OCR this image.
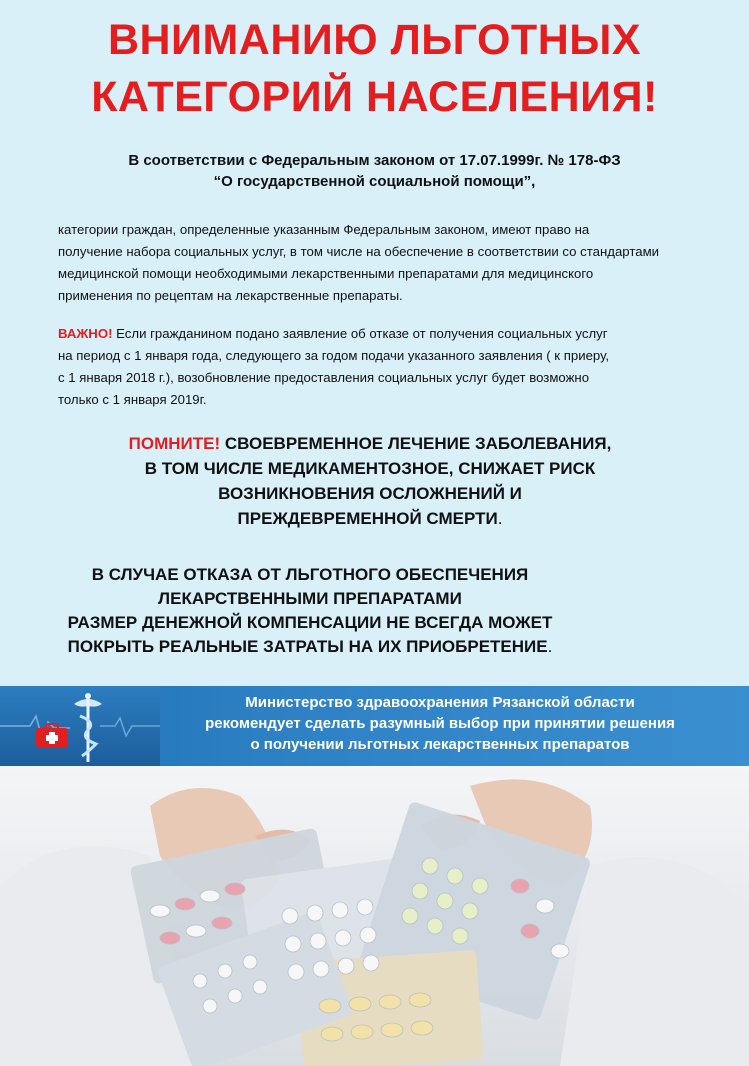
ВНИМАНИЮ ЛЬГОТНЫХ
КАТЕГОРИЙ НАСЕЛЕНИЯ!
В соответствии с Федеральным законом от 17.07.1999г. № 178-ФЗ
“О государственной социальной помощи”,
категории граждан, определенные указанным Федеральным законом, имеют право на
получение набора социальных услуг, в том числе на обеспечение в соответствии со стандартами
медицинской помощи необходимыми лекарственными препаратами для медицинского
применения по рецептам на лекарственные препараты.
ВАЖНО! Если гражданином подано заявление об отказе от получения социальных услуг
на период с 1 января года, следующего за годом подачи указанного заявления ( к приеру,
с 1 января 2018 г.), возобновление предоставления социальных услуг будет возможно
только с 1 января 2019г.
ПОМНИТЕ! СВОЕВРЕМЕННОЕ ЛЕЧЕНИЕ ЗАБОЛЕВАНИЯ,
В ТОМ ЧИСЛЕ МЕДИКАМЕНТОЗНОЕ, СНИЖАЕТ РИСК
ВОЗНИКНОВЕНИЯ ОСЛОЖНЕНИЙ И
ПРЕЖДЕВРЕМЕННОЙ СМЕРТИ.
В СЛУЧАЕ ОТКАЗА ОТ ЛЬГОТНОГО ОБЕСПЕЧЕНИЯ
ЛЕКАРСТВЕННЫМИ ПРЕПАРАТАМИ
РАЗМЕР ДЕНЕЖНОЙ КОМПЕНСАЦИИ НЕ ВСЕГДА МОЖЕТ
ПОКРЫТЬ РЕАЛЬНЫЕ ЗАТРАТЫ НА ИХ ПРИОБРЕТЕНИЕ.
Министерство здравоохранения Рязанской области
рекомендует сделать разумный выбор при принятии решения
о получении льготных лекарственных препаратов
